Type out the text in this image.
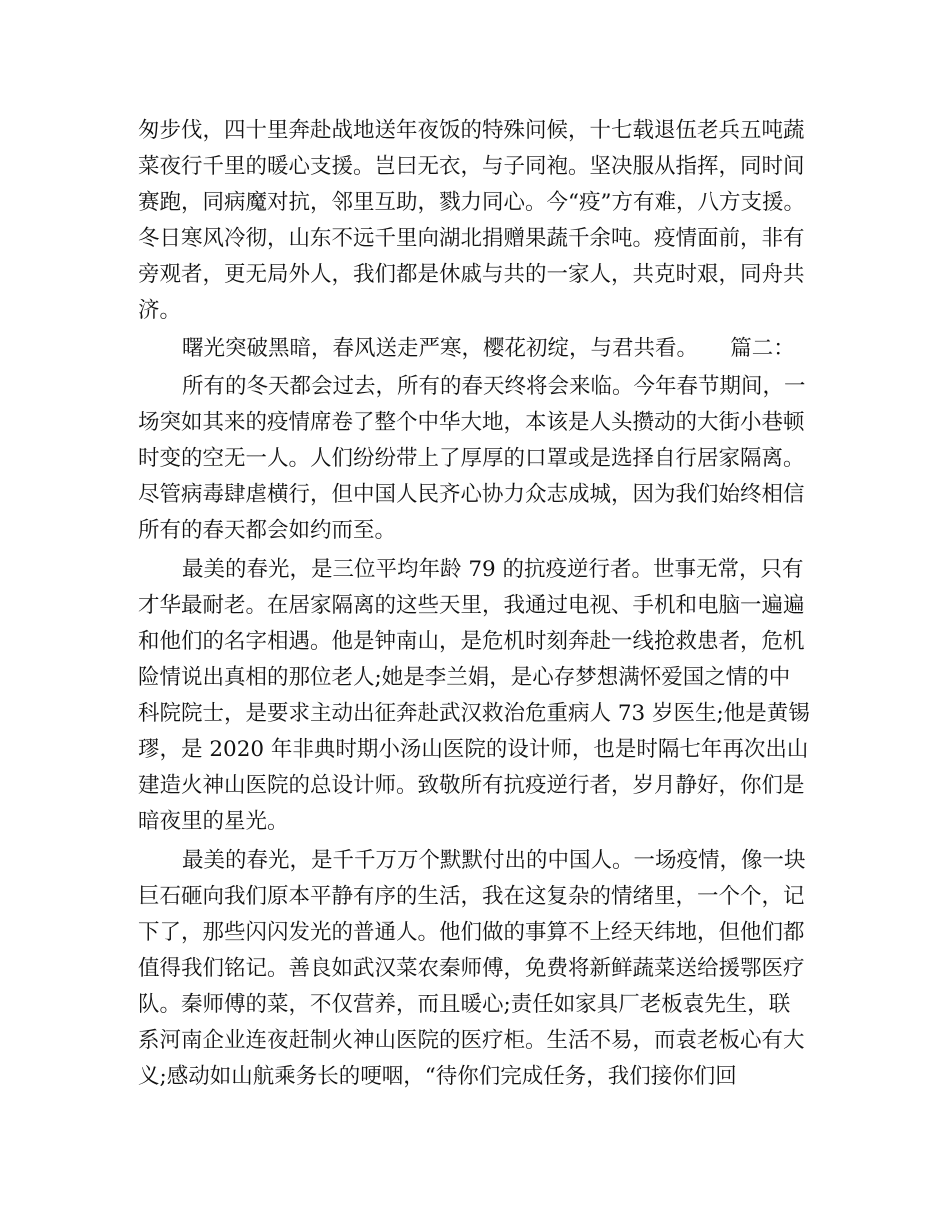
匆步伐，四十里奔赴战地送年夜饭的特殊问候，十七载退伍老兵五吨蔬
菜夜行千里的暖心支援。岂曰无衣，与子同袍。坚决服从指挥，同时间
赛跑，同病魔对抗，邻里互助，戮力同心。今“疫”方有难，八方支援。
冬日寒风冷彻，山东不远千里向湖北捐赠果蔬千余吨。疫情面前，非有
旁观者，更无局外人，我们都是休戚与共的一家人，共克时艰，同舟共
济。
曙光突破黑暗，春风送走严寒，樱花初绽，与君共看。　　篇二：
所有的冬天都会过去，所有的春天终将会来临。今年春节期间，一
场突如其来的疫情席卷了整个中华大地，本该是人头攒动的大街小巷顿
时变的空无一人。人们纷纷带上了厚厚的口罩或是选择自行居家隔离。
尽管病毒肆虐横行，但中国人民齐心协力众志成城，因为我们始终相信
所有的春天都会如约而至。
最美的春光，是三位平均年龄 79 的抗疫逆行者。世事无常，只有
才华最耐老。在居家隔离的这些天里，我通过电视、手机和电脑一遍遍
和他们的名字相遇。他是钟南山，是危机时刻奔赴一线抢救患者，危机
险情说出真相的那位老人;她是李兰娟，是心存梦想满怀爱国之情的中
科院院士，是要求主动出征奔赴武汉救治危重病人 73 岁医生;他是黄锡
璆，是 2020 年非典时期小汤山医院的设计师，也是时隔七年再次出山
建造火神山医院的总设计师。致敬所有抗疫逆行者，岁月静好，你们是
暗夜里的星光。
最美的春光，是千千万万个默默付出的中国人。一场疫情，像一块
巨石砸向我们原本平静有序的生活，我在这复杂的情绪里，一个个，记
下了，那些闪闪发光的普通人。他们做的事算不上经天纬地，但他们都
值得我们铭记。善良如武汉菜农秦师傅，免费将新鲜蔬菜送给援鄂医疗
队。秦师傅的菜，不仅营养，而且暖心;责任如家具厂老板袁先生，联
系河南企业连夜赶制火神山医院的医疗柜。生活不易，而袁老板心有大
义;感动如山航乘务长的哽咽，“待你们完成任务，我们接你们回
